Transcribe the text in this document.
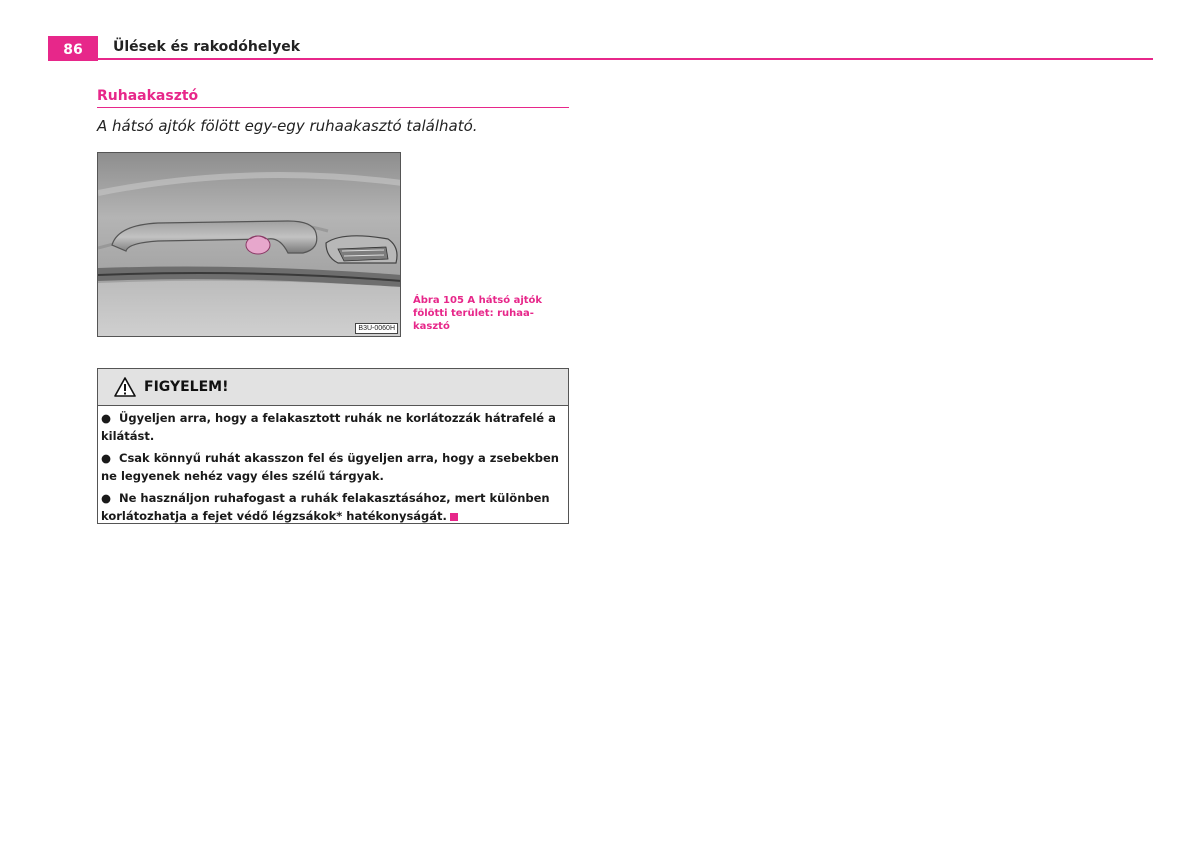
86	Ülések és rakodóhelyek
Ruhaakasztó
A hátsó ajtók fölött egy-egy ruhaakasztó található.
B3U-0060H
Ábra 105 A hátsó ajtók fölötti terület: ruhaa-kasztó
FIGYELEM!

● Ügyeljen arra, hogy a felakasztott ruhák ne korlátozzák hátrafelé a kilátást.

● Csak könnyű ruhát akasszon fel és ügyeljen arra, hogy a zsebekben ne legyenek nehéz vagy éles szélű tárgyak.

● Ne használjon ruhafogast a ruhák felakasztásához, mert különben korlátozhatja a fejet védő légzsákok* hatékonyságát.
